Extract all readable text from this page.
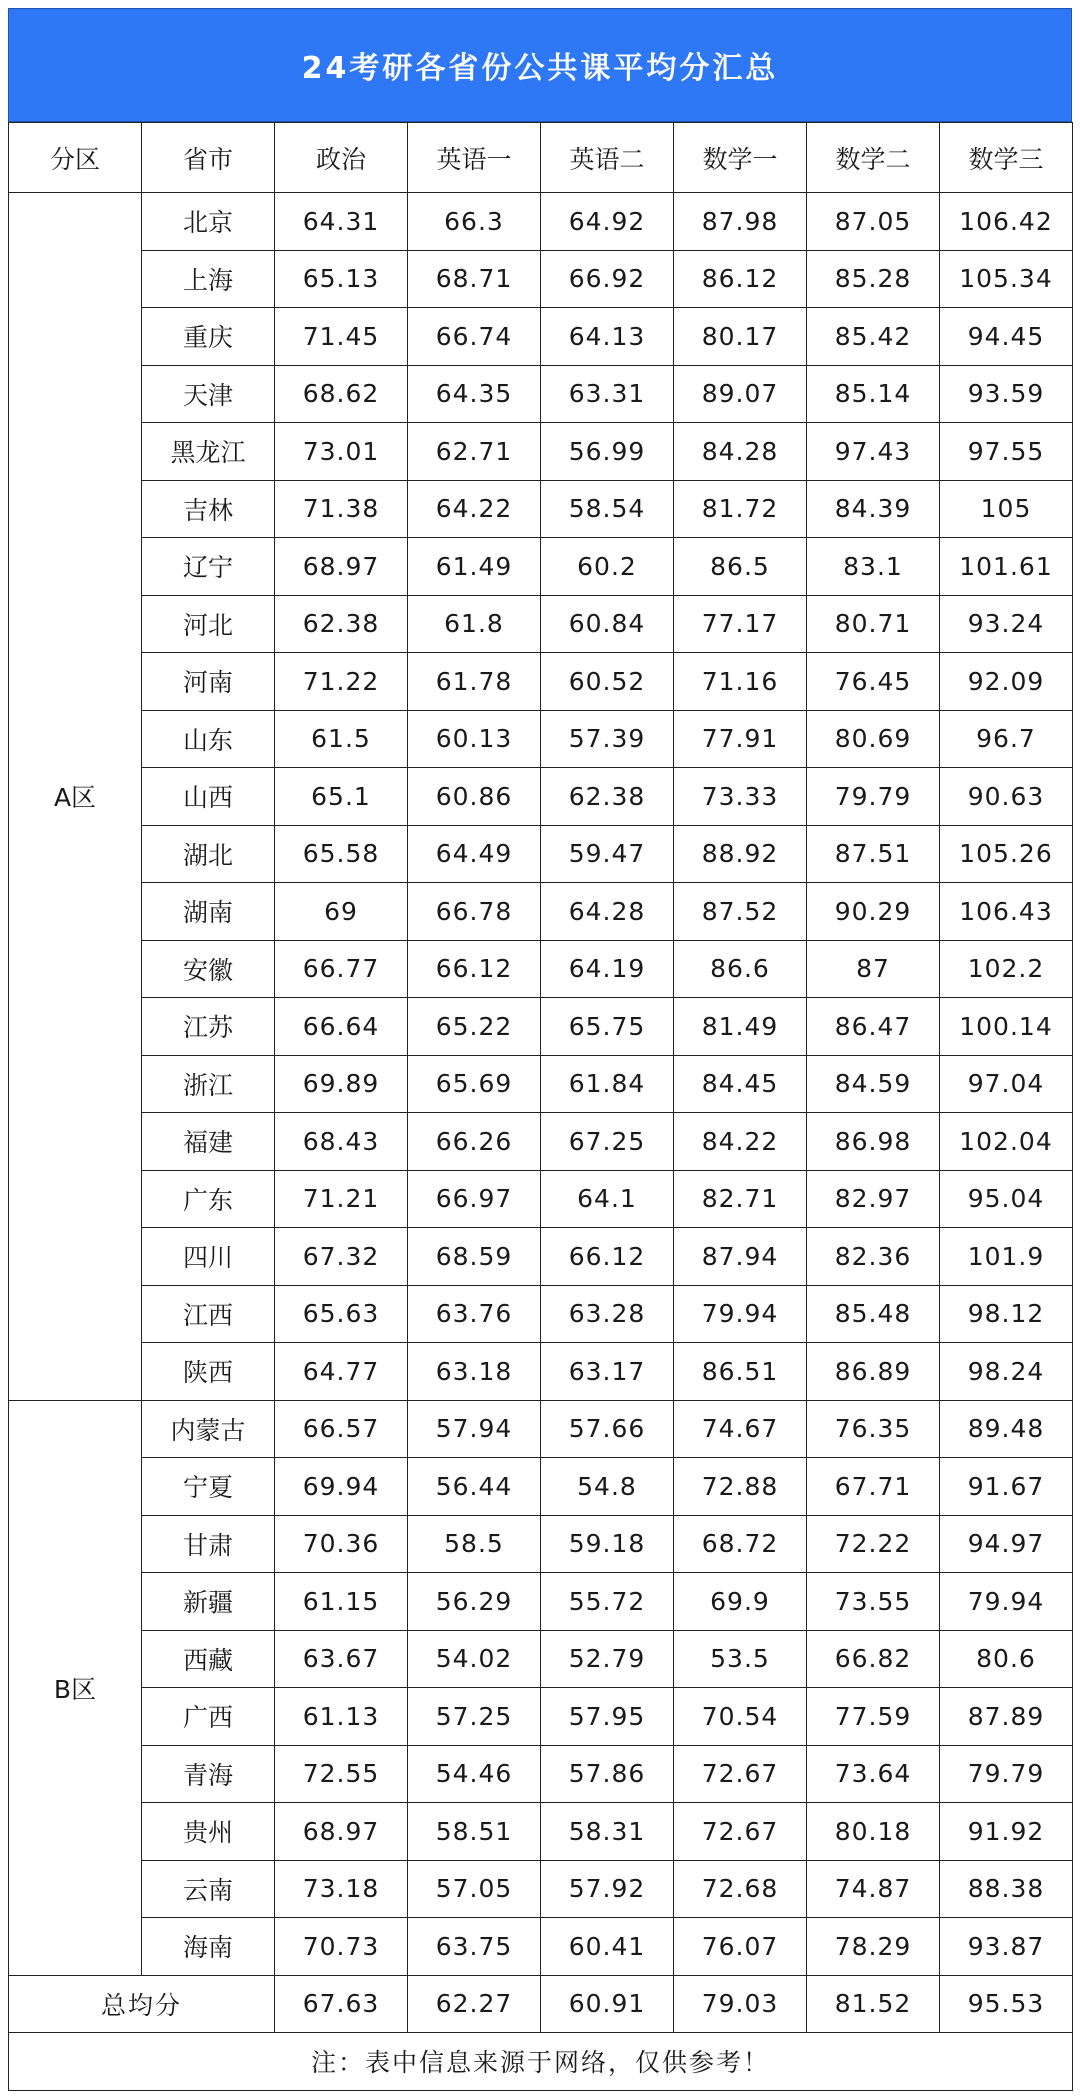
24考研各省份公共课平均分汇总
分区	省市	政治	英语一	英语二	数学一	数学二	数学三
A区	北京	64.31	66.3	64.92	87.98	87.05	106.42
	上海	65.13	68.71	66.92	86.12	85.28	105.34
	重庆	71.45	66.74	64.13	80.17	85.42	94.45
	天津	68.62	64.35	63.31	89.07	85.14	93.59
	黑龙江	73.01	62.71	56.99	84.28	97.43	97.55
	吉林	71.38	64.22	58.54	81.72	84.39	105
	辽宁	68.97	61.49	60.2	86.5	83.1	101.61
	河北	62.38	61.8	60.84	77.17	80.71	93.24
	河南	71.22	61.78	60.52	71.16	76.45	92.09
	山东	61.5	60.13	57.39	77.91	80.69	96.7
	山西	65.1	60.86	62.38	73.33	79.79	90.63
	湖北	65.58	64.49	59.47	88.92	87.51	105.26
	湖南	69	66.78	64.28	87.52	90.29	106.43
	安徽	66.77	66.12	64.19	86.6	87	102.2
	江苏	66.64	65.22	65.75	81.49	86.47	100.14
	浙江	69.89	65.69	61.84	84.45	84.59	97.04
	福建	68.43	66.26	67.25	84.22	86.98	102.04
	广东	71.21	66.97	64.1	82.71	82.97	95.04
	四川	67.32	68.59	66.12	87.94	82.36	101.9
	江西	65.63	63.76	63.28	79.94	85.48	98.12
	陕西	64.77	63.18	63.17	86.51	86.89	98.24
B区	内蒙古	66.57	57.94	57.66	74.67	76.35	89.48
	宁夏	69.94	56.44	54.8	72.88	67.71	91.67
	甘肃	70.36	58.5	59.18	68.72	72.22	94.97
	新疆	61.15	56.29	55.72	69.9	73.55	79.94
	西藏	63.67	54.02	52.79	53.5	66.82	80.6
	广西	61.13	57.25	57.95	70.54	77.59	87.89
	青海	72.55	54.46	57.86	72.67	73.64	79.79
	贵州	68.97	58.51	58.31	72.67	80.18	91.92
	云南	73.18	57.05	57.92	72.68	74.87	88.38
	海南	70.73	63.75	60.41	76.07	78.29	93.87
总均分		67.63	62.27	60.91	79.03	81.52	95.53
注：表中信息来源于网络，仅供参考！							
